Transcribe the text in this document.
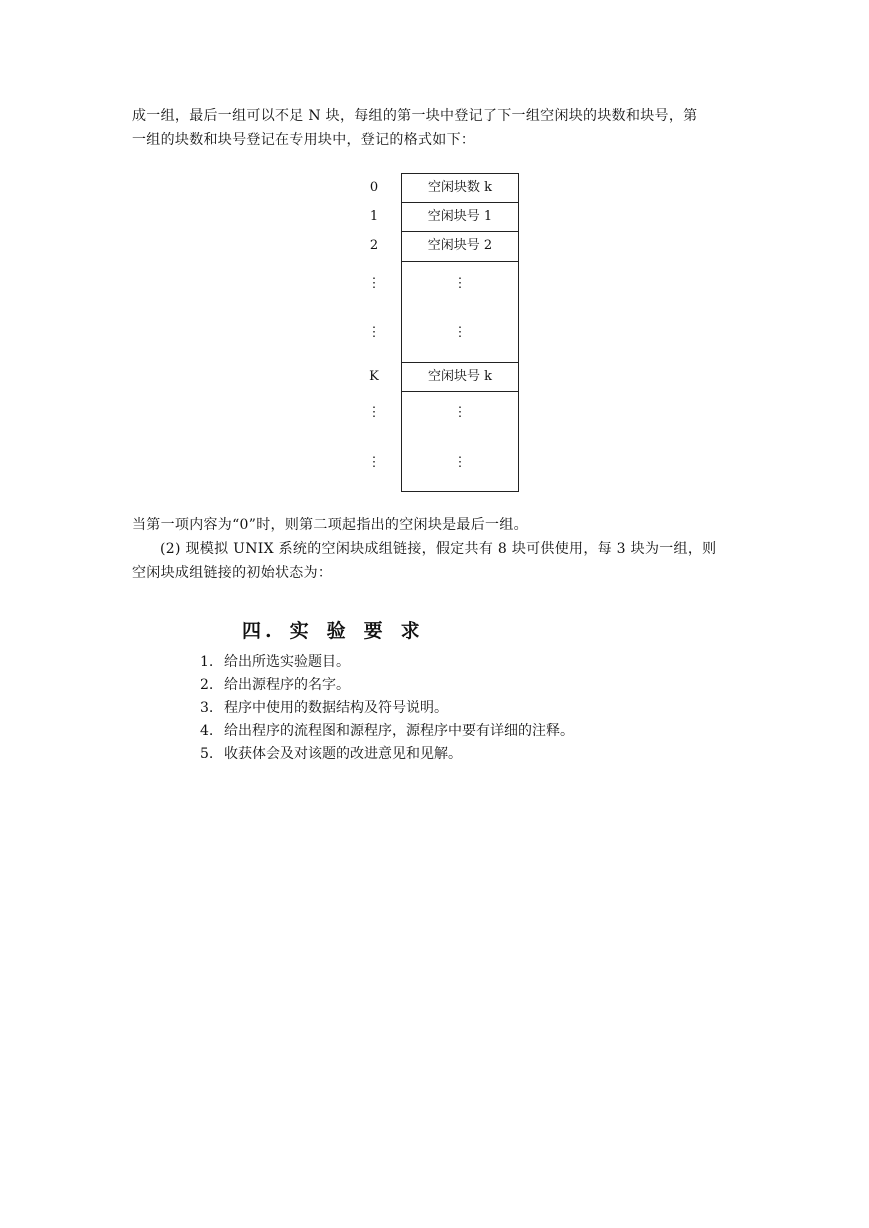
成一组，最后一组可以不足 N 块，每组的第一块中登记了下一组空闲块的块数和块号，第

一组的块数和块号登记在专用块中，登记的格式如下：

0
1
2
⋮
⋮
K
⋮
⋮
空闲块数 k
空闲块号 1
空闲块号 2
⋮
⋮
空闲块号 k
⋮
⋮

当第一项内容为“0”时，则第二项起指出的空闲块是最后一组。

(2) 现模拟 UNIX 系统的空闲块成组链接，假定共有 8 块可供使用，每 3 块为一组，则

空闲块成组链接的初始状态为：

四. 实 验 要 求
1. 给出所选实验题目。
2. 给出源程序的名字。
3. 程序中使用的数据结构及符号说明。
4. 给出程序的流程图和源程序，源程序中要有详细的注释。
5. 收获体会及对该题的改进意见和见解。
